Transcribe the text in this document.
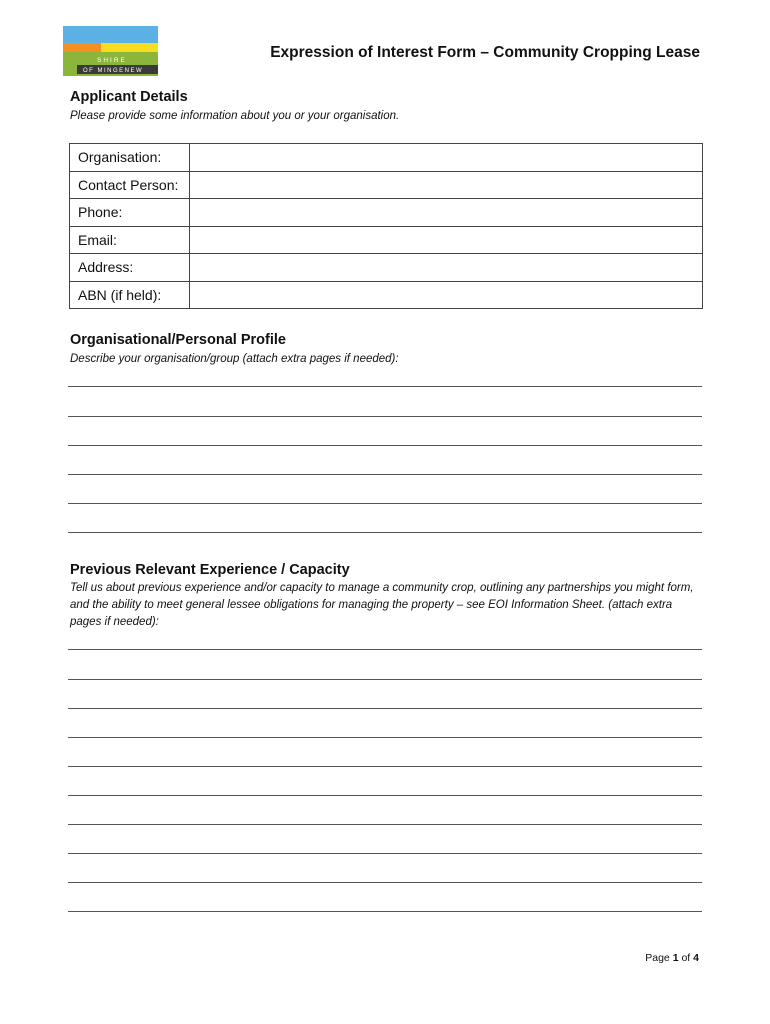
SHIRE
OF MINGENEW
Expression of Interest Form – Community Cropping Lease
Applicant Details
Please provide some information about you or your organisation.
Organisation:	
Contact Person:	
Phone:	
Email:	
Address:	
ABN (if held):	
Organisational/Personal Profile
Describe your organisation/group (attach extra pages if needed):
Previous Relevant Experience / Capacity
Tell us about previous experience and/or capacity to manage a community crop, outlining any partnerships you might form, and the ability to meet general lessee obligations for managing the property – see EOI Information Sheet. (attach extra pages if needed):
Page 1 of 4
